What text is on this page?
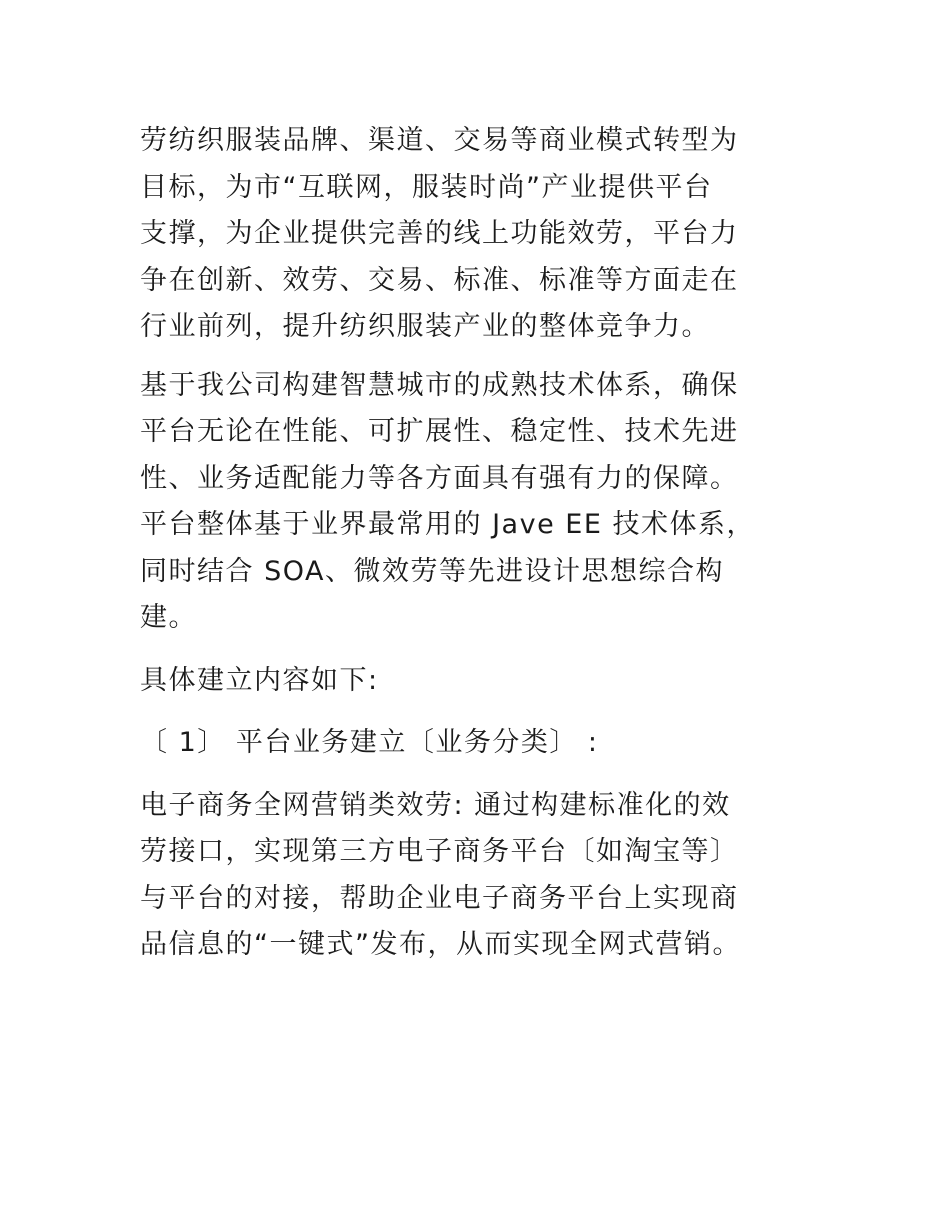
劳纺织服装品牌、渠道、交易等商业模式转型为
目标，为市“互联网，服装时尚”产业提供平台
支撑，为企业提供完善的线上功能效劳，平台力
争在创新、效劳、交易、标准、标准等方面走在
行业前列，提升纺织服装产业的整体竞争力。

基于我公司构建智慧城市的成熟技术体系，确保
平台无论在性能、可扩展性、稳定性、技术先进
性、业务适配能力等各方面具有强有力的保障。
平台整体基于业界最常用的 Jave EE 技术体系，
同时结合 SOA、微效劳等先进设计思想综合构
建。

具体建立内容如下:

〔 1〕 平台业务建立〔业务分类〕 :

电子商务全网营销类效劳: 通过构建标准化的效
劳接口，实现第三方电子商务平台〔如淘宝等〕
与平台的对接，帮助企业电子商务平台上实现商
品信息的“一键式”发布，从而实现全网式营销。
